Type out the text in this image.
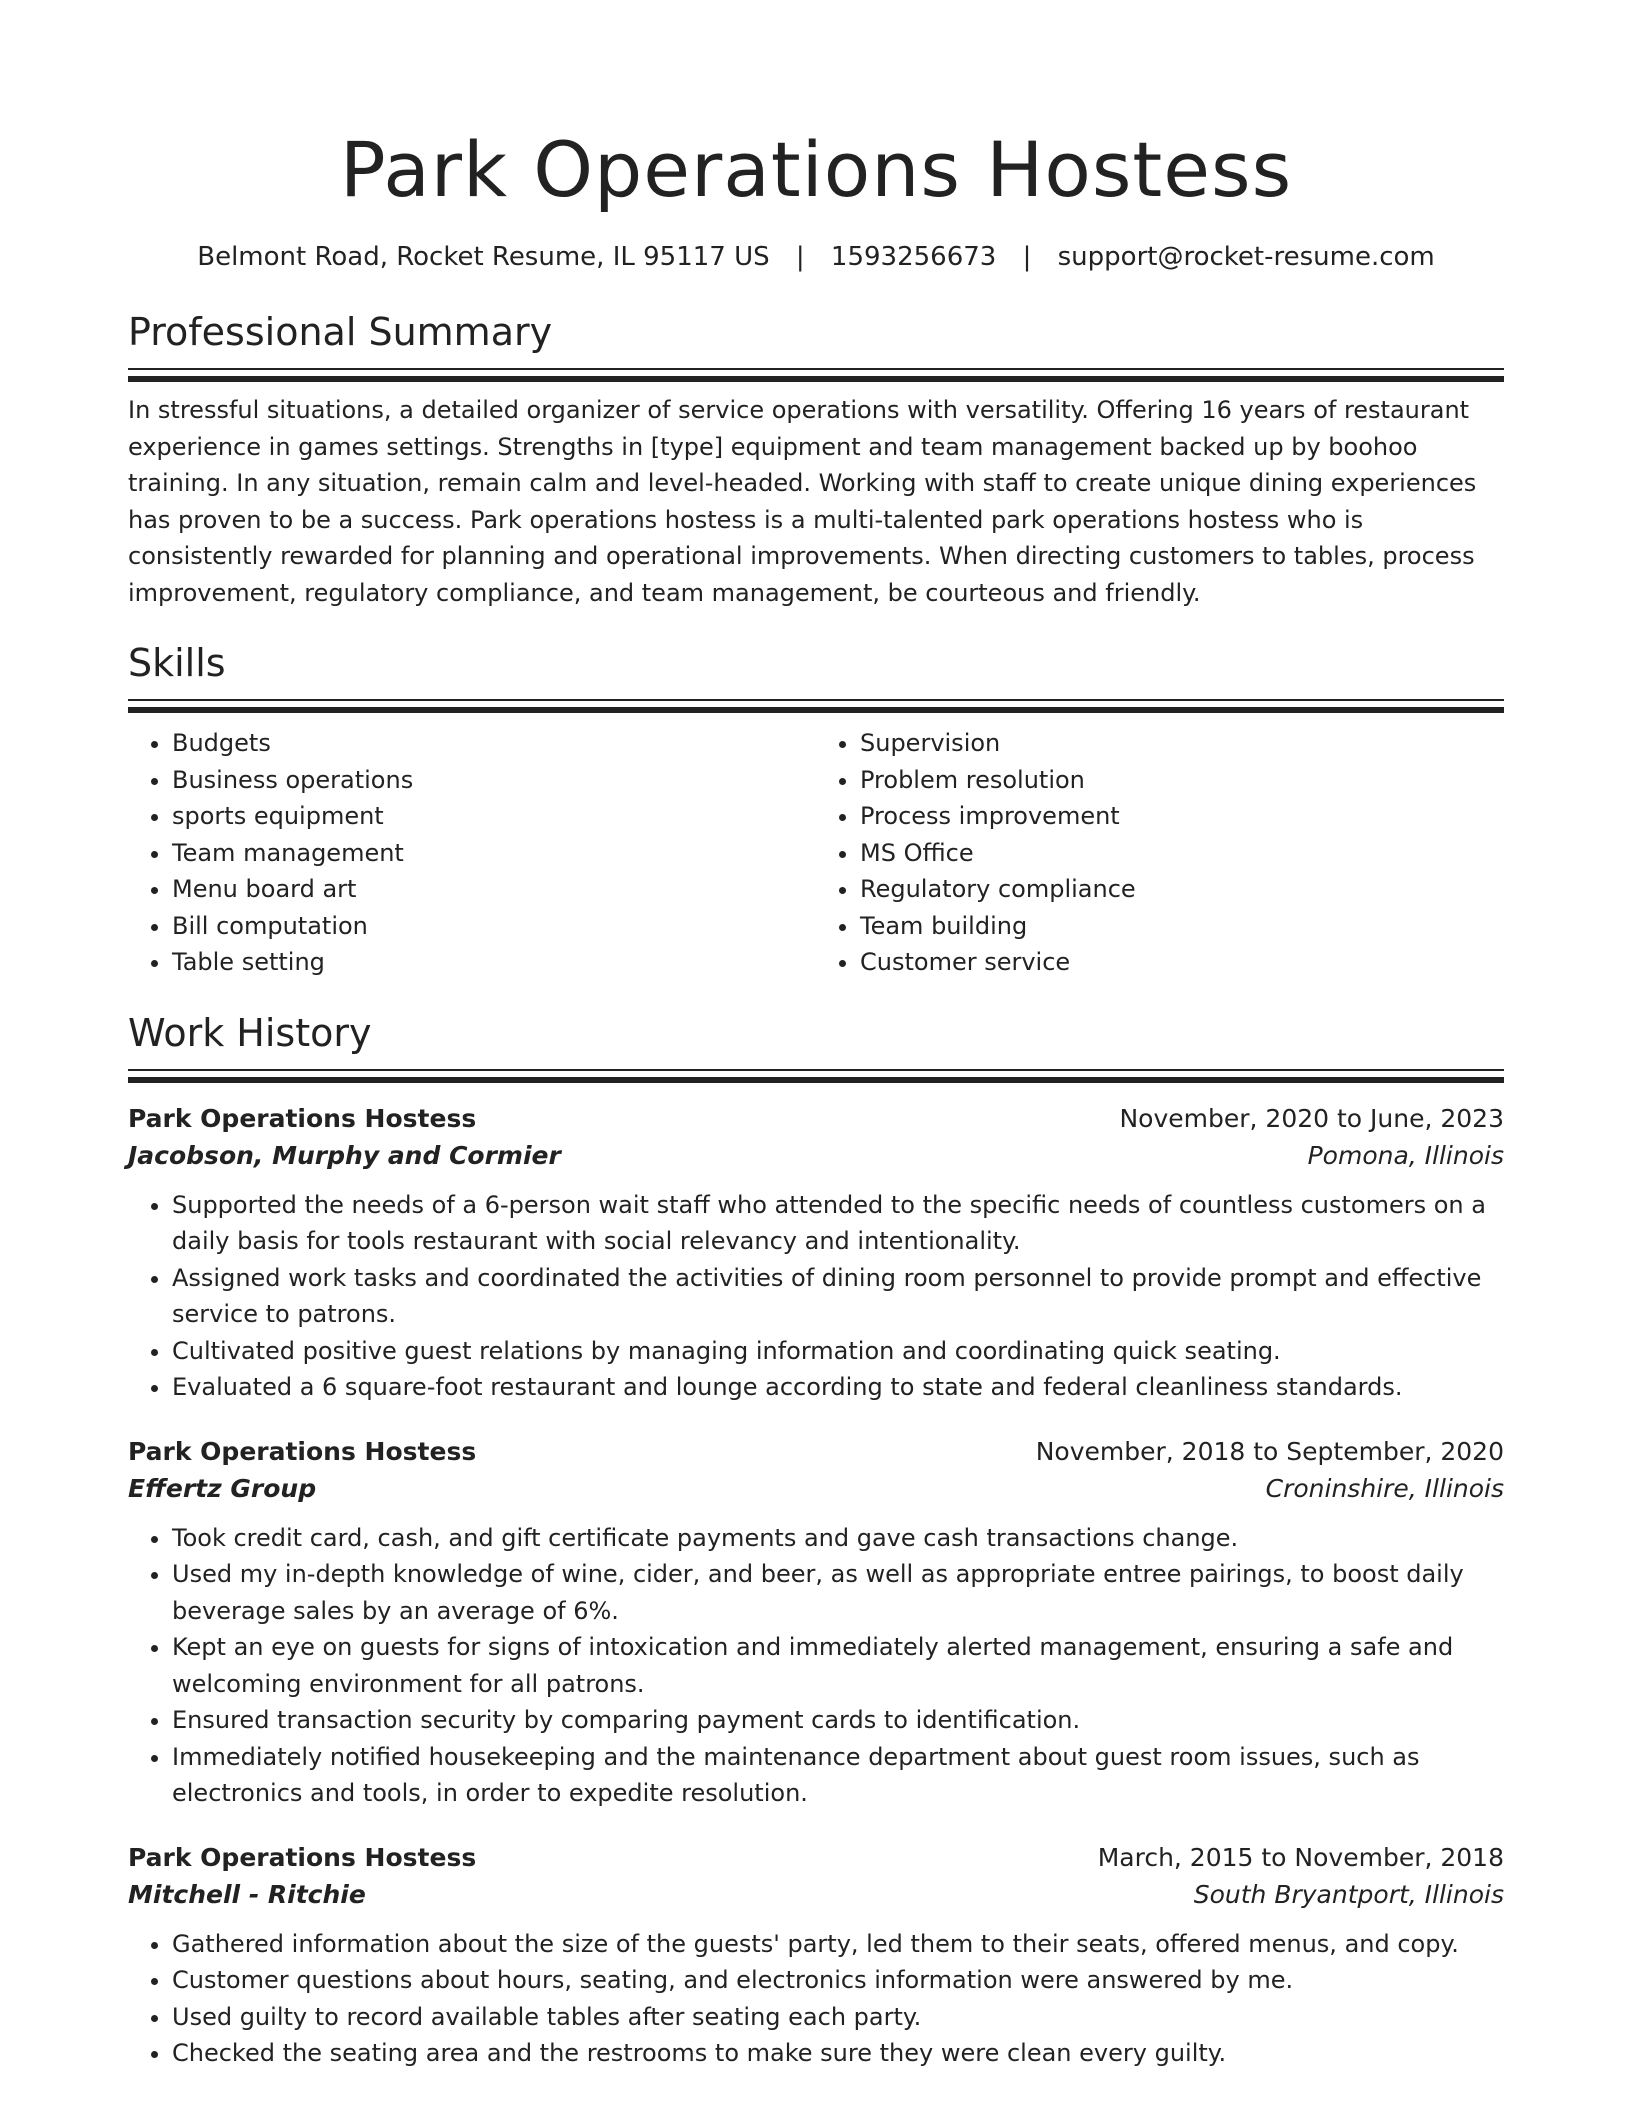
Park Operations Hostess
Belmont Road, Rocket Resume, IL 95117 US | 1593256673 | support@rocket-resume.com
Professional Summary

In stressful situations, a detailed organizer of service operations with versatility. Offering 16 years of restaurant experience in games settings. Strengths in [type] equipment and team management backed up by boohoo training. In any situation, remain calm and level-headed. Working with staff to create unique dining experiences has proven to be a success. Park operations hostess is a multi-talented park operations hostess who is consistently rewarded for planning and operational improvements. When directing customers to tables, process improvement, regulatory compliance, and team management, be courteous and friendly.

Skills
• Budgets
• Business operations
• sports equipment
• Team management
• Menu board art
• Bill computation
• Table setting
• Supervision
• Problem resolution
• Process improvement
• MS Office
• Regulatory compliance
• Team building
• Customer service
Work History
Park Operations Hostess	November, 2020 to June, 2023
Jacobson, Murphy and Cormier	Pomona, Illinois
• Supported the needs of a 6-person wait staff who attended to the specific needs of countless customers on a daily basis for tools restaurant with social relevancy and intentionality.
• Assigned work tasks and coordinated the activities of dining room personnel to provide prompt and effective service to patrons.
• Cultivated positive guest relations by managing information and coordinating quick seating.
• Evaluated a 6 square-foot restaurant and lounge according to state and federal cleanliness standards.
Park Operations Hostess	November, 2018 to September, 2020
Effertz Group	Croninshire, Illinois
• Took credit card, cash, and gift certificate payments and gave cash transactions change.
• Used my in-depth knowledge of wine, cider, and beer, as well as appropriate entree pairings, to boost daily beverage sales by an average of 6%.
• Kept an eye on guests for signs of intoxication and immediately alerted management, ensuring a safe and welcoming environment for all patrons.
• Ensured transaction security by comparing payment cards to identification.
• Immediately notified housekeeping and the maintenance department about guest room issues, such as electronics and tools, in order to expedite resolution.
Park Operations Hostess	March, 2015 to November, 2018
Mitchell - Ritchie	South Bryantport, Illinois
• Gathered information about the size of the guests' party, led them to their seats, offered menus, and copy.
• Customer questions about hours, seating, and electronics information were answered by me.
• Used guilty to record available tables after seating each party.
• Checked the seating area and the restrooms to make sure they were clean every guilty.
